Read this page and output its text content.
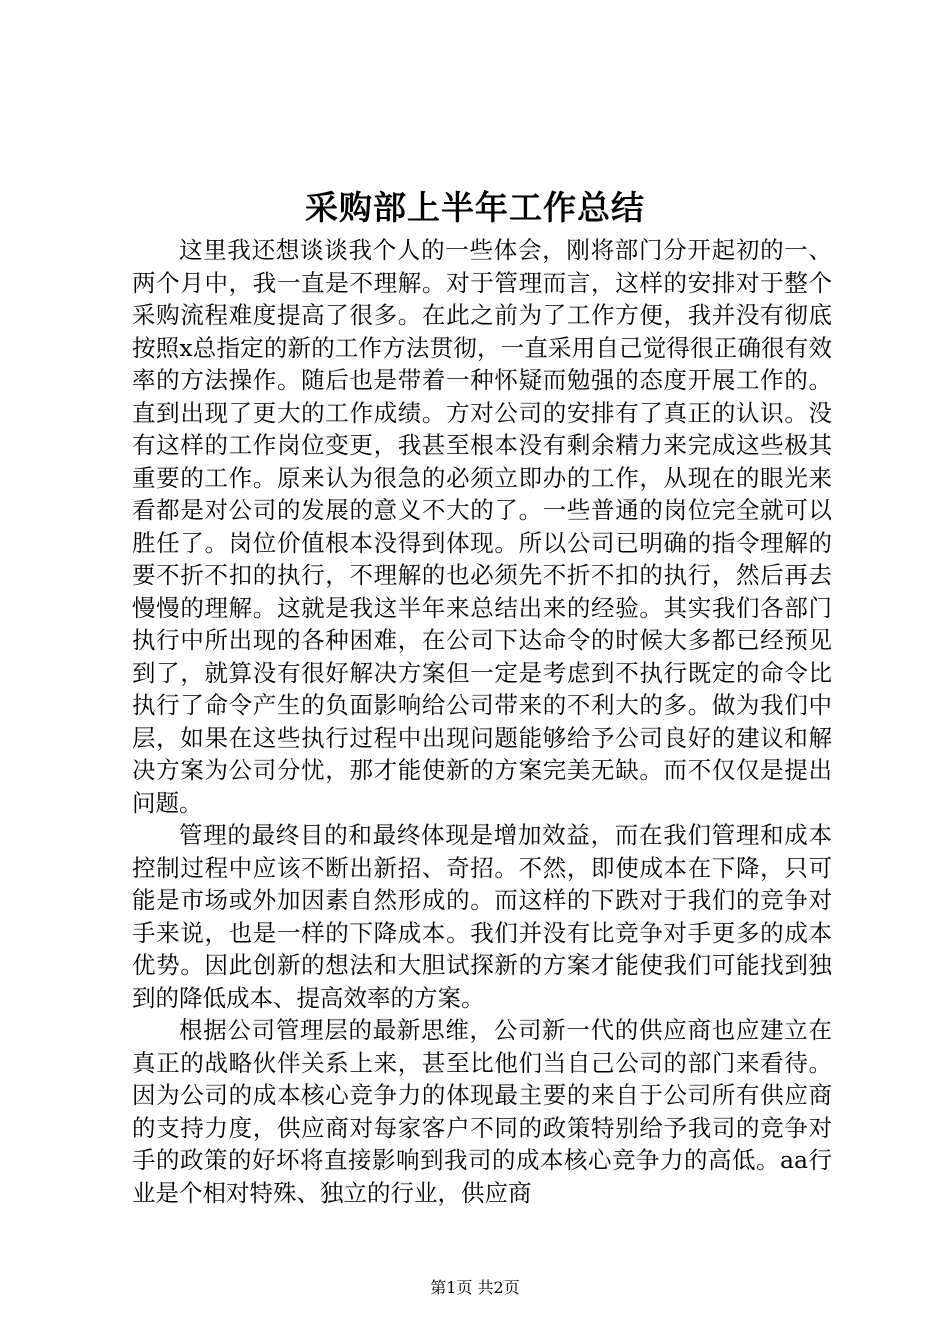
采购部上半年工作总结

这里我还想谈谈我个人的一些体会，刚将部门分开起初的一、两个月中，我一直是不理解。对于管理而言，这样的安排对于整个采购流程难度提高了很多。在此之前为了工作方便，我并没有彻底按照x总指定的新的工作方法贯彻，一直采用自己觉得很正确很有效率的方法操作。随后也是带着一种怀疑而勉强的态度开展工作的。直到出现了更大的工作成绩。方对公司的安排有了真正的认识。没有这样的工作岗位变更，我甚至根本没有剩余精力来完成这些极其重要的工作。原来认为很急的必须立即办的工作，从现在的眼光来看都是对公司的发展的意义不大的了。一些普通的岗位完全就可以胜任了。岗位价值根本没得到体现。所以公司已明确的指令理解的要不折不扣的执行，不理解的也必须先不折不扣的执行，然后再去慢慢的理解。这就是我这半年来总结出来的经验。其实我们各部门执行中所出现的各种困难，在公司下达命令的时候大多都已经预见到了，就算没有很好解决方案但一定是考虑到不执行既定的命令比执行了命令产生的负面影响给公司带来的不利大的多。做为我们中层，如果在这些执行过程中出现问题能够给予公司良好的建议和解决方案为公司分忧，那才能使新的方案完美无缺。而不仅仅是提出问题。

管理的最终目的和最终体现是增加效益，而在我们管理和成本控制过程中应该不断出新招、奇招。不然，即使成本在下降，只可能是市场或外加因素自然形成的。而这样的下跌对于我们的竞争对手来说，也是一样的下降成本。我们并没有比竞争对手更多的成本优势。因此创新的想法和大胆试探新的方案才能使我们可能找到独到的降低成本、提高效率的方案。

根据公司管理层的最新思维，公司新一代的供应商也应建立在真正的战略伙伴关系上来，甚至比他们当自己公司的部门来看待。因为公司的成本核心竞争力的体现最主要的来自于公司所有供应商的支持力度，供应商对每家客户不同的政策特别给予我司的竞争对手的政策的好坏将直接影响到我司的成本核心竞争力的高低。aa行业是个相对特殊、独立的行业，供应商

第1页 共2页
